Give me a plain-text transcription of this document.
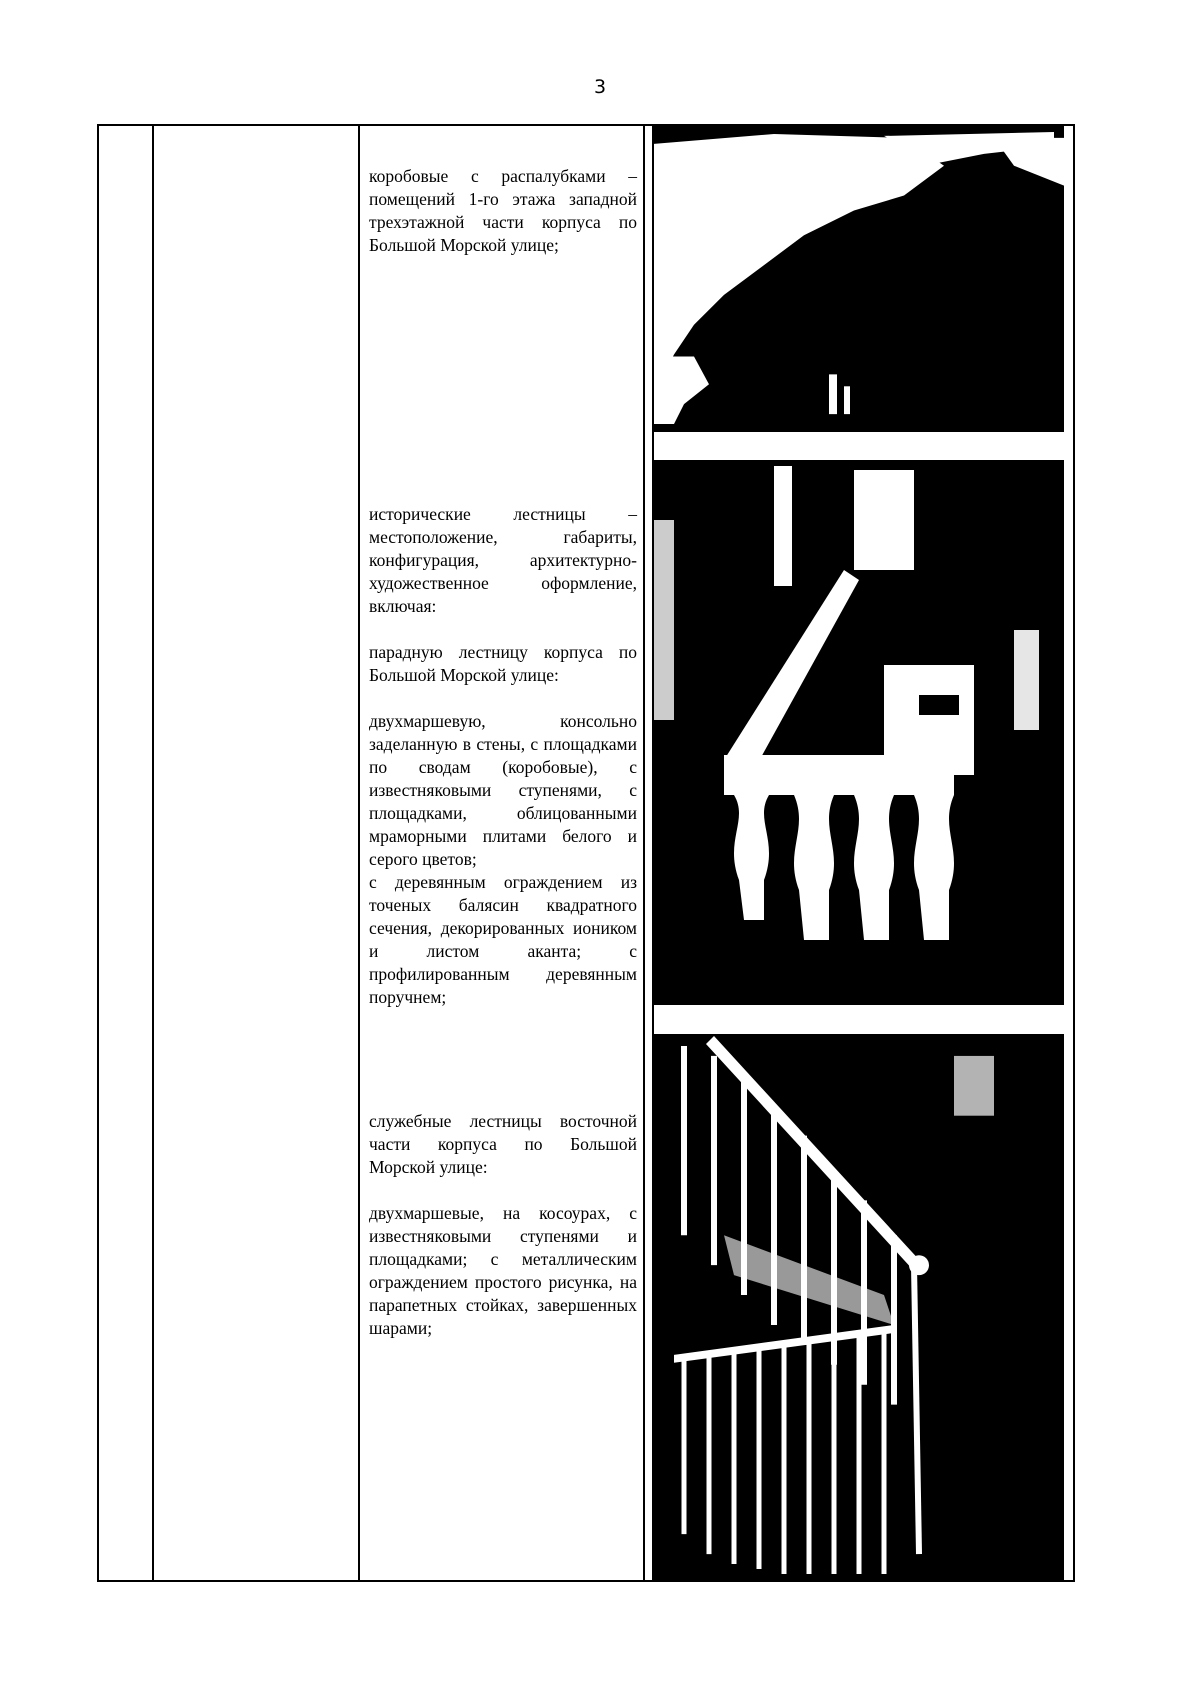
3

коробовые с распалубками – помещений 1-го этажа западной трехэтажной части корпуса по Большой Морской улице;

исторические лестницы – местоположение, габариты, конфигурация, архитектурно-художественное оформление, включая:

парадную лестницу корпуса по Большой Морской улице:

двухмаршевую, консольно заделанную в стены, с площадками по сводам (коробовые), с известняковыми ступенями, с площадками, облицованными мраморными плитами белого и серого цветов;
с деревянным ограждением из точеных балясин квадратного сечения, декорированных иоником и листом аканта; с профилированным деревянным поручнем;

служебные лестницы восточной части корпуса по Большой Морской улице:

двухмаршевые, на косоурах, с известняковыми ступенями и площадками; с металлическим ограждением простого рисунка, на парапетных стойках, завершенных шарами;
